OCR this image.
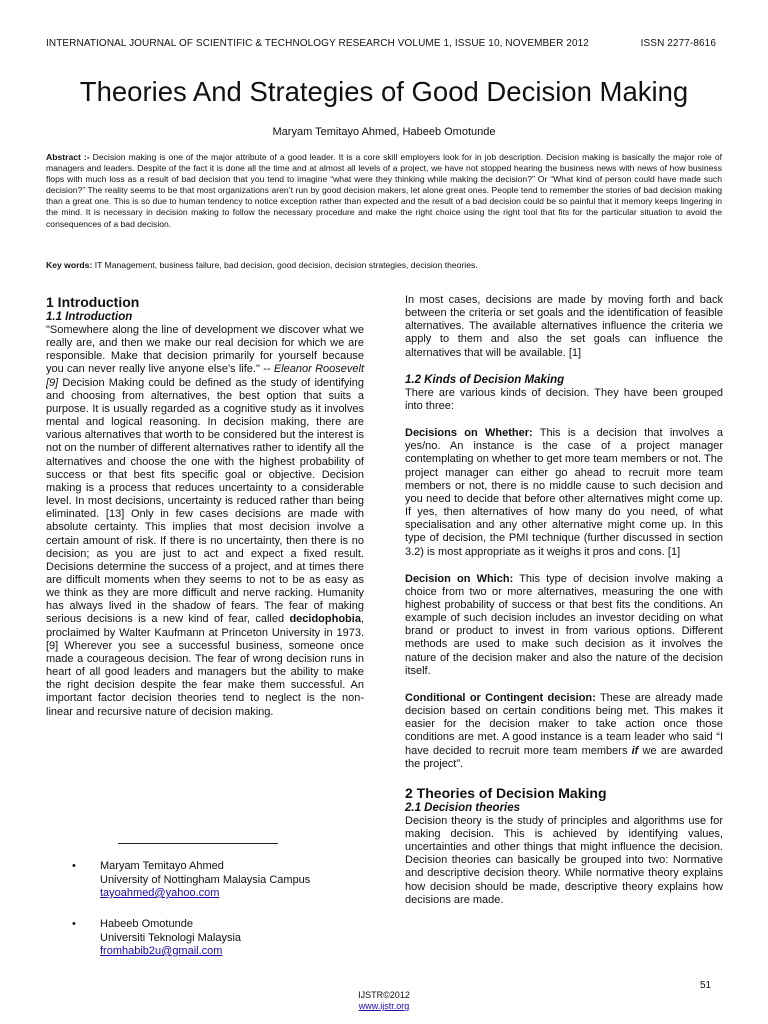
INTERNATIONAL JOURNAL OF SCIENTIFIC & TECHNOLOGY RESEARCH VOLUME 1, ISSUE 10, NOVEMBER 2012	ISSN 2277-8616
Theories And Strategies of Good Decision Making
Maryam Temitayo Ahmed, Habeeb Omotunde

Abstract :- Decision making is one of the major attribute of a good leader. It is a core skill employers look for in job description. Decision making is basically the major role of managers and leaders. Despite of the fact it is done all the time and at almost all levels of a project, we have not stopped hearing the business news with news of how business flops with much loss as a result of bad decision that you tend to imagine “what were they thinking while making the decision?” Or “What kind of person could have made such decision?” The reality seems to be that most organizations aren’t run by good decision makers, let alone great ones. People tend to remember the stories of bad decision making than a great one. This is so due to human tendency to notice exception rather than expected and the result of a bad decision could be so painful that it memory keeps lingering in the mind. It is necessary in decision making to follow the necessary procedure and make the right choice using the right tool that fits for the particular situation to avoid the consequences of a bad decision.

Key words: IT Management, business failure, bad decision, good decision, decision strategies, decision theories.

1 Introduction
1.1 Introduction

"Somewhere along the line of development we discover what we really are, and then we make our real decision for which we are responsible. Make that decision primarily for yourself because you can never really live anyone else's life." -- Eleanor Roosevelt [9] Decision Making could be defined as the study of identifying and choosing from alternatives, the best option that suits a purpose. It is usually regarded as a cognitive study as it involves mental and logical reasoning. In decision making, there are various alternatives that worth to be considered but the interest is not on the number of different alternatives rather to identify all the alternatives and choose the one with the highest probability of success or that best fits specific goal or objective. Decision making is a process that reduces uncertainty to a considerable level. In most decisions, uncertainty is reduced rather than being eliminated. [13] Only in few cases decisions are made with absolute certainty. This implies that most decision involve a certain amount of risk. If there is no uncertainty, then there is no decision; as you are just to act and expect a fixed result. Decisions determine the success of a project, and at times there are difficult moments when they seems to not to be as easy as we think as they are more difficult and nerve racking. Humanity has always lived in the shadow of fears. The fear of making serious decisions is a new kind of fear, called decidophobia, proclaimed by Walter Kaufmann at Princeton University in 1973. [9] Wherever you see a successful business, someone once made a courageous decision. The fear of wrong decision runs in heart of all good leaders and managers but the ability to make the right decision despite the fear make them successful. An important factor decision theories tend to neglect is the non-linear and recursive nature of decision making.

• Maryam Temitayo Ahmed
University of Nottingham Malaysia Campus
tayoahmed@yahoo.com
• Habeeb Omotunde
Universiti Teknologi Malaysia
fromhabib2u@gmail.com

In most cases, decisions are made by moving forth and back between the criteria or set goals and the identification of feasible alternatives. The available alternatives influence the criteria we apply to them and also the set goals can influence the alternatives that will be available. [1]

1.2 Kinds of Decision Making

There are various kinds of decision. They have been grouped into three:

Decisions on Whether: This is a decision that involves a yes/no. An instance is the case of a project manager contemplating on whether to get more team members or not. The project manager can either go ahead to recruit more team members or not, there is no middle cause to such decision and you need to decide that before other alternatives might come up. If yes, then alternatives of how many do you need, of what specialisation and any other alternative might come up. In this type of decision, the PMI technique (further discussed in section 3.2) is most appropriate as it weighs it pros and cons. [1]

Decision on Which: This type of decision involve making a choice from two or more alternatives, measuring the one with highest probability of success or that best fits the conditions. An example of such decision includes an investor deciding on what brand or product to invest in from various options. Different methods are used to make such decision as it involves the nature of the decision maker and also the nature of the decision itself.

Conditional or Contingent decision: These are already made decision based on certain conditions being met. This makes it easier for the decision maker to take action once those conditions are met. A good instance is a team leader who said “I have decided to recruit more team members if we are awarded the project”.

2 Theories of Decision Making
2.1 Decision theories

Decision theory is the study of principles and algorithms use for making decision. This is achieved by identifying values, uncertainties and other things that might influence the decision. Decision theories can basically be grouped into two: Normative and descriptive decision theory. While normative theory explains how decision should be made, descriptive theory explains how decisions are made.

51
IJSTR©2012
www.ijstr.org
